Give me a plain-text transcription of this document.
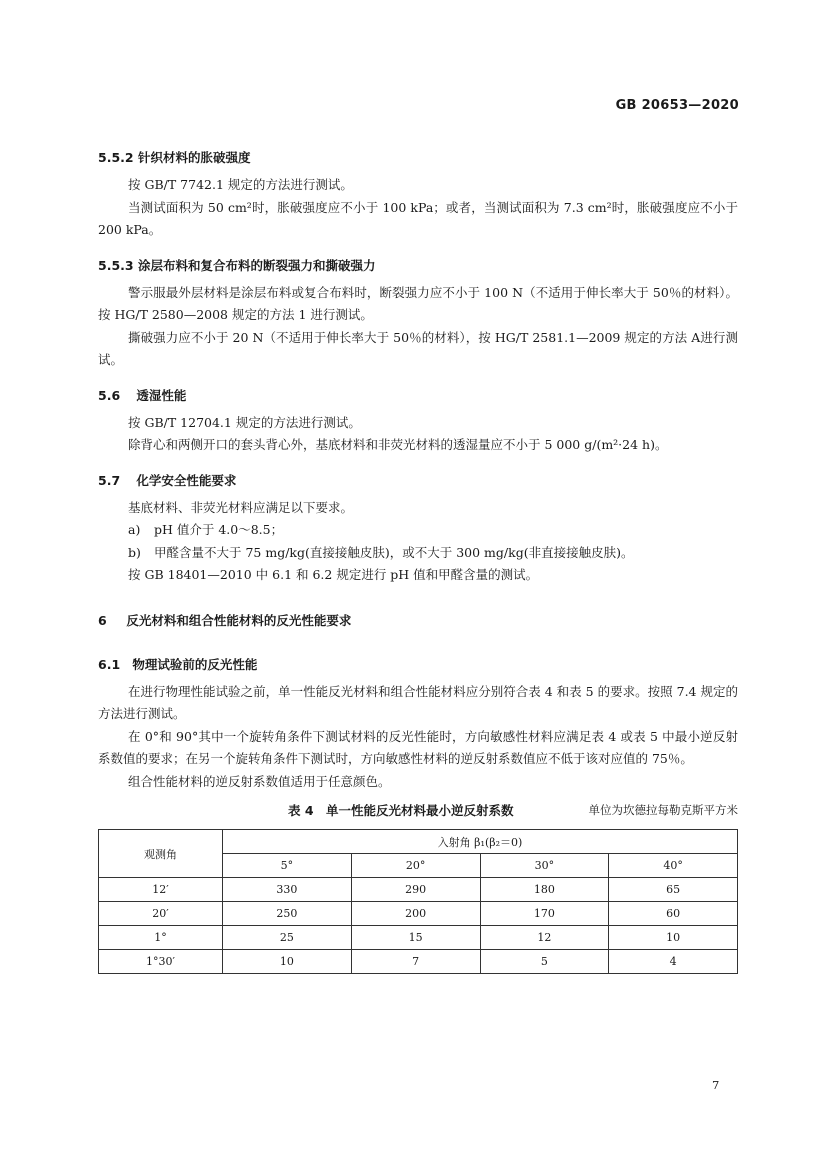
GB 20653—2020
5.5.2 针织材料的胀破强度

按 GB/T 7742.1 规定的方法进行测试。

当测试面积为 50 cm²时，胀破强度应不小于 100 kPa；或者，当测试面积为 7.3 cm²时，胀破强度应不小于 200 kPa。

5.5.3 涂层布料和复合布料的断裂强力和撕破强力

警示服最外层材料是涂层布料或复合布料时，断裂强力应不小于 100 N（不适用于伸长率大于 50％的材料）。按 HG/T 2580—2008 规定的方法 1 进行测试。

撕破强力应不小于 20 N（不适用于伸长率大于 50％的材料），按 HG/T 2581.1—2009 规定的方法 A进行测试。

5.6 透湿性能

按 GB/T 12704.1 规定的方法进行测试。

除背心和两侧开口的套头背心外，基底材料和非荧光材料的透湿量应不小于 5 000 g/(m²·24 h)。

5.7 化学安全性能要求

基底材料、非荧光材料应满足以下要求。

a) pH 值介于 4.0～8.5；

b) 甲醛含量不大于 75 mg/kg(直接接触皮肤)，或不大于 300 mg/kg(非直接接触皮肤)。

按 GB 18401—2010 中 6.1 和 6.2 规定进行 pH 值和甲醛含量的测试。

6 反光材料和组合性能材料的反光性能要求
6.1 物理试验前的反光性能

在进行物理性能试验之前，单一性能反光材料和组合性能材料应分别符合表 4 和表 5 的要求。按照 7.4 规定的方法进行测试。

在 0°和 90°其中一个旋转角条件下测试材料的反光性能时，方向敏感性材料应满足表 4 或表 5 中最小逆反射系数值的要求；在另一个旋转角条件下测试时，方向敏感性材料的逆反射系数值应不低于该对应值的 75％。

组合性能材料的逆反射系数值适用于任意颜色。

表 4　单一性能反光材料最小逆反射系数	单位为坎德拉每勒克斯平方米
观测角	入射角 β₁(β₂＝0)			
	5°	20°	30°	40°
12′	330	290	180	65
20′	250	200	170	60
1°	25	15	12	10
1°30′	10	7	5	4
7
